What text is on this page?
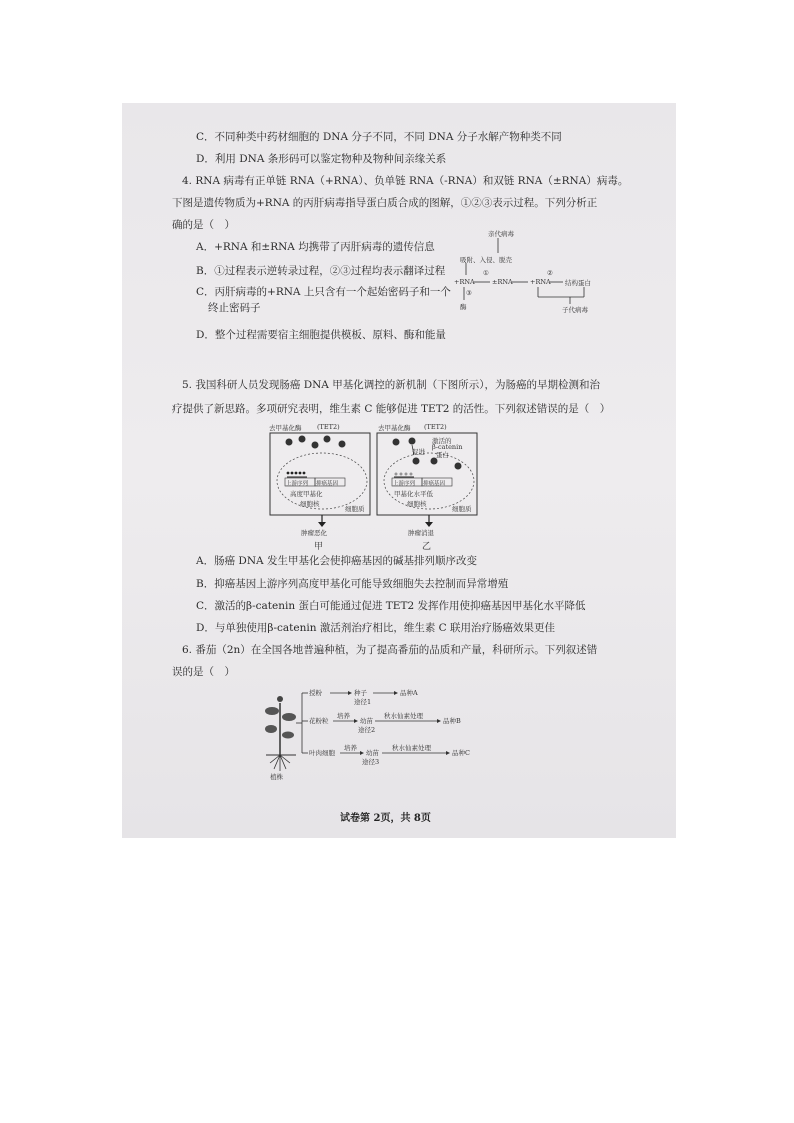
C．不同种类中药材细胞的 DNA 分子不同，不同 DNA 分子水解产物种类不同
D．利用 DNA 条形码可以鉴定物种及物种间亲缘关系
4. RNA 病毒有正单链 RNA（+RNA）、负单链 RNA（-RNA）和双链 RNA（±RNA）病毒。
下图是遗传物质为+RNA 的丙肝病毒指导蛋白质合成的图解，①②③表示过程。下列分析正
确的是（　）
A．+RNA 和±RNA 均携带了丙肝病毒的遗传信息
B．①过程表示逆转录过程，②③过程均表示翻译过程
C．丙肝病毒的+RNA 上只含有一个起始密码子和一个
终止密码子
D．整个过程需要宿主细胞提供模板、原料、酶和能量
亲代病毒
吸附、入侵、脱壳
①	②
+RNA	±RNA	+RNA 结构蛋白
③
酶	子代病毒
5. 我国科研人员发现肠癌 DNA 甲基化调控的新机制（下图所示），为肠癌的早期检测和治
疗提供了新思路。多项研究表明，维生素 C 能够促进 TET2 的活性。下列叙述错误的是（　）
去甲基化酶 (TET2)
上游序列 抑癌基因
高度甲基化
细胞核
细胞质
肿瘤恶化
甲
去甲基化酶 (TET2)
激活的
β-catenin
蛋白
促进
上游序列 抑癌基因
甲基化水平低
细胞核
细胞质
肿瘤消退
乙
A．肠癌 DNA 发生甲基化会使抑癌基因的碱基排列顺序改变
B．抑癌基因上游序列高度甲基化可能导致细胞失去控制而异常增殖
C．激活的β-catenin 蛋白可能通过促进 TET2 发挥作用使抑癌基因甲基化水平降低
D．与单独使用β-catenin 激活剂治疗相比，维生素 C 联用治疗肠癌效果更佳
6. 番茄（2n）在全国各地普遍种植，为了提高番茄的品质和产量，科研所示。下列叙述错
误的是（　）
授粉	种子	品种A
途径1
花粉粒
培养
幼苗
秋水仙素处理
品种B
途径2
叶肉细胞
培养
幼苗
秋水仙素处理
品种C
途径3
植株
试卷第 2页，共 8页
